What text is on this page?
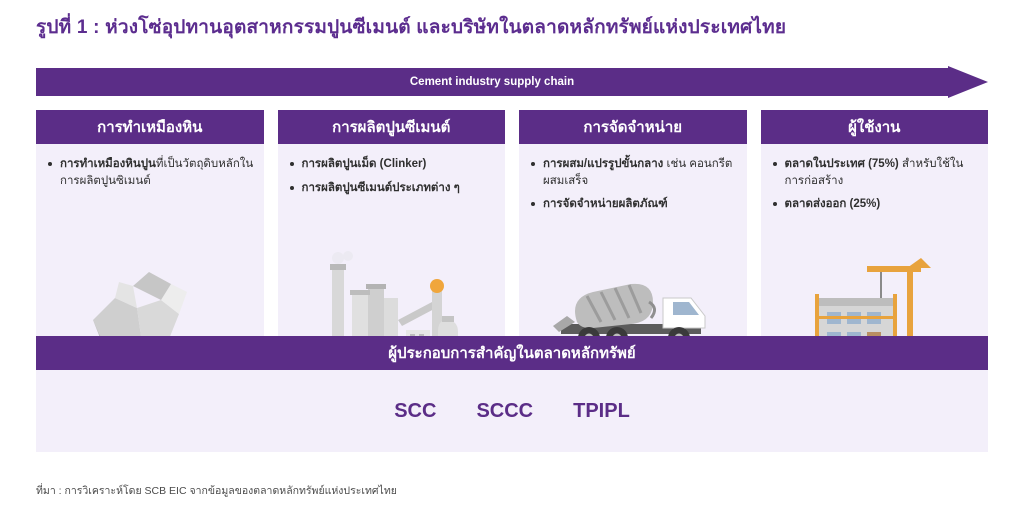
รูปที่ 1 : ห่วงโซ่อุปทานอุตสาหกรรมปูนซีเมนต์ และบริษัทในตลาดหลักทรัพย์แห่งประเทศไทย
Cement industry supply chain
การทำเหมืองหิน
การทำเหมืองหินปูนที่เป็นวัตถุดิบหลักในการผลิตปูนซิเมนต์
การผลิตปูนซีเมนต์
การผลิตปูนเม็ด (Clinker)
การผลิตปูนซีเมนต์ประเภทต่าง ๆ
การจัดจำหน่าย
การผสม/แปรรูปขั้นกลาง เช่น คอนกรีตผสมเสร็จ
การจัดจำหน่ายผลิตภัณฑ์
ผู้ใช้งาน
ตลาดในประเทศ (75%) สำหรับใช้ในการก่อสร้าง
ตลาดส่งออก (25%)
ผู้ประกอบการสำคัญในตลาดหลักทรัพย์
SCC SCCC TPIPL
ที่มา : การวิเคราะห์โดย SCB EIC จากข้อมูลของตลาดหลักทรัพย์แห่งประเทศไทย
